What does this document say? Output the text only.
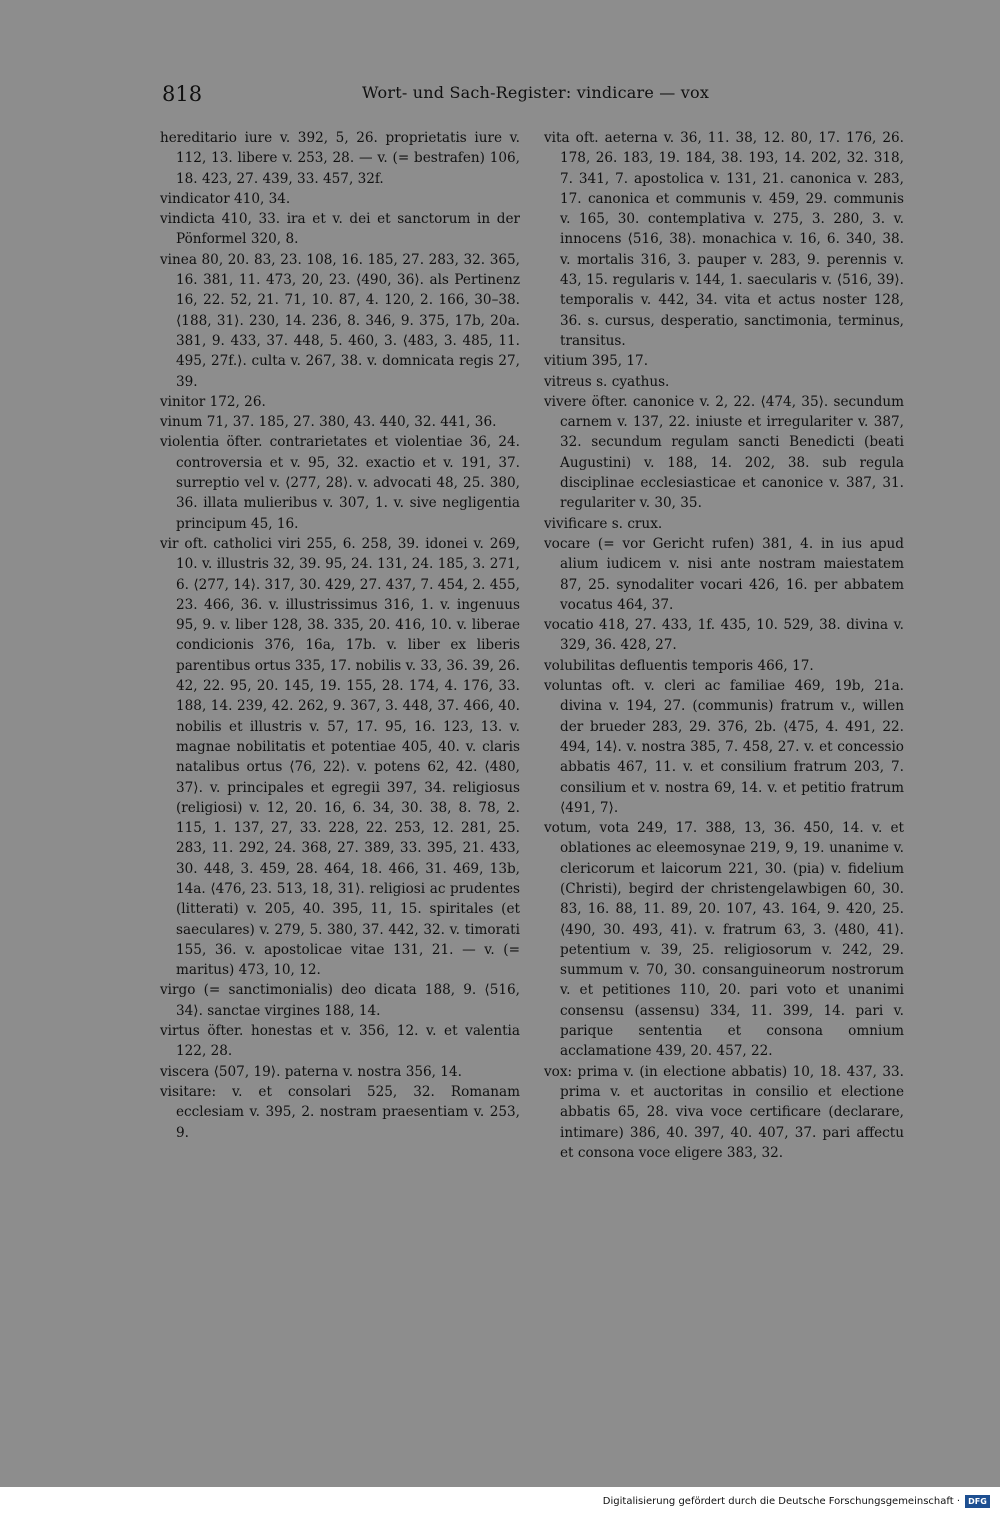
818	Wort- und Sach-Register: vindicare — vox

hereditario iure v. 392, 5, 26. proprietatis iure v. 112, 13. libere v. 253, 28. — v. (= bestrafen) 106, 18. 423, 27. 439, 33. 457, 32f.

vindicator 410, 34.

vindicta 410, 33. ira et v. dei et sanctorum in der Pönformel 320, 8.

vinea 80, 20. 83, 23. 108, 16. 185, 27. 283, 32. 365, 16. 381, 11. 473, 20, 23. ⟨490, 36⟩. als Pertinenz 16, 22. 52, 21. 71, 10. 87, 4. 120, 2. 166, 30–38. ⟨188, 31⟩. 230, 14. 236, 8. 346, 9. 375, 17b, 20a. 381, 9. 433, 37. 448, 5. 460, 3. ⟨483, 3. 485, 11. 495, 27f.⟩. culta v. 267, 38. v. domnicata regis 27, 39.

vinitor 172, 26.

vinum 71, 37. 185, 27. 380, 43. 440, 32. 441, 36.

violentia öfter. contrarietates et violentiae 36, 24. controversia et v. 95, 32. exactio et v. 191, 37. surreptio vel v. ⟨277, 28⟩. v. advocati 48, 25. 380, 36. illata mulieribus v. 307, 1. v. sive negligentia principum 45, 16.

vir oft. catholici viri 255, 6. 258, 39. idonei v. 269, 10. v. illustris 32, 39. 95, 24. 131, 24. 185, 3. 271, 6. ⟨277, 14⟩. 317, 30. 429, 27. 437, 7. 454, 2. 455, 23. 466, 36. v. illustrissimus 316, 1. v. ingenuus 95, 9. v. liber 128, 38. 335, 20. 416, 10. v. liberae condicionis 376, 16a, 17b. v. liber ex liberis parentibus ortus 335, 17. nobilis v. 33, 36. 39, 26. 42, 22. 95, 20. 145, 19. 155, 28. 174, 4. 176, 33. 188, 14. 239, 42. 262, 9. 367, 3. 448, 37. 466, 40. nobilis et illustris v. 57, 17. 95, 16. 123, 13. v. magnae nobilitatis et potentiae 405, 40. v. claris natalibus ortus ⟨76, 22⟩. v. potens 62, 42. ⟨480, 37⟩. v. principales et egregii 397, 34. religiosus (religiosi) v. 12, 20. 16, 6. 34, 30. 38, 8. 78, 2. 115, 1. 137, 27, 33. 228, 22. 253, 12. 281, 25. 283, 11. 292, 24. 368, 27. 389, 33. 395, 21. 433, 30. 448, 3. 459, 28. 464, 18. 466, 31. 469, 13b, 14a. ⟨476, 23. 513, 18, 31⟩. religiosi ac prudentes (litterati) v. 205, 40. 395, 11, 15. spiritales (et saeculares) v. 279, 5. 380, 37. 442, 32. v. timorati 155, 36. v. apostolicae vitae 131, 21. — v. (= maritus) 473, 10, 12.

virgo (= sanctimonialis) deo dicata 188, 9. ⟨516, 34⟩. sanctae virgines 188, 14.

virtus öfter. honestas et v. 356, 12. v. et valentia 122, 28.

viscera ⟨507, 19⟩. paterna v. nostra 356, 14.

visitare: v. et consolari 525, 32. Romanam ecclesiam v. 395, 2. nostram praesentiam v. 253, 9.

vita oft. aeterna v. 36, 11. 38, 12. 80, 17. 176, 26. 178, 26. 183, 19. 184, 38. 193, 14. 202, 32. 318, 7. 341, 7. apostolica v. 131, 21. canonica v. 283, 17. canonica et communis v. 459, 29. communis v. 165, 30. contemplativa v. 275, 3. 280, 3. v. innocens ⟨516, 38⟩. monachica v. 16, 6. 340, 38. v. mortalis 316, 3. pauper v. 283, 9. perennis v. 43, 15. regularis v. 144, 1. saecularis v. ⟨516, 39⟩. temporalis v. 442, 34. vita et actus noster 128, 36. s. cursus, desperatio, sanctimonia, terminus, transitus.

vitium 395, 17.

vitreus s. cyathus.

vivere öfter. canonice v. 2, 22. ⟨474, 35⟩. secundum carnem v. 137, 22. iniuste et irregulariter v. 387, 32. secundum regulam sancti Benedicti (beati Augustini) v. 188, 14. 202, 38. sub regula disciplinae ecclesiasticae et canonice v. 387, 31. regulariter v. 30, 35.

vivificare s. crux.

vocare (= vor Gericht rufen) 381, 4. in ius apud alium iudicem v. nisi ante nostram maiestatem 87, 25. synodaliter vocari 426, 16. per abbatem vocatus 464, 37.

vocatio 418, 27. 433, 1f. 435, 10. 529, 38. divina v. 329, 36. 428, 27.

volubilitas defluentis temporis 466, 17.

voluntas oft. v. cleri ac familiae 469, 19b, 21a. divina v. 194, 27. (communis) fratrum v., willen der brueder 283, 29. 376, 2b. ⟨475, 4. 491, 22. 494, 14⟩. v. nostra 385, 7. 458, 27. v. et concessio abbatis 467, 11. v. et consilium fratrum 203, 7. consilium et v. nostra 69, 14. v. et petitio fratrum ⟨491, 7⟩.

votum, vota 249, 17. 388, 13, 36. 450, 14. v. et oblationes ac eleemosynae 219, 9, 19. unanime v. clericorum et laicorum 221, 30. (pia) v. fidelium (Christi), begird der christengelawbigen 60, 30. 83, 16. 88, 11. 89, 20. 107, 43. 164, 9. 420, 25. ⟨490, 30. 493, 41⟩. v. fratrum 63, 3. ⟨480, 41⟩. petentium v. 39, 25. religiosorum v. 242, 29. summum v. 70, 30. consanguineorum nostrorum v. et petitiones 110, 20. pari voto et unanimi consensu (assensu) 334, 11. 399, 14. pari v. parique sententia et consona omnium acclamatione 439, 20. 457, 22.

vox: prima v. (in electione abbatis) 10, 18. 437, 33. prima v. et auctoritas in consilio et electione abbatis 65, 28. viva voce certificare (declarare, intimare) 386, 40. 397, 40. 407, 37. pari affectu et consona voce eligere 383, 32.

Digitalisierung gefördert durch die Deutsche Forschungsgemeinschaft ·	DFG
